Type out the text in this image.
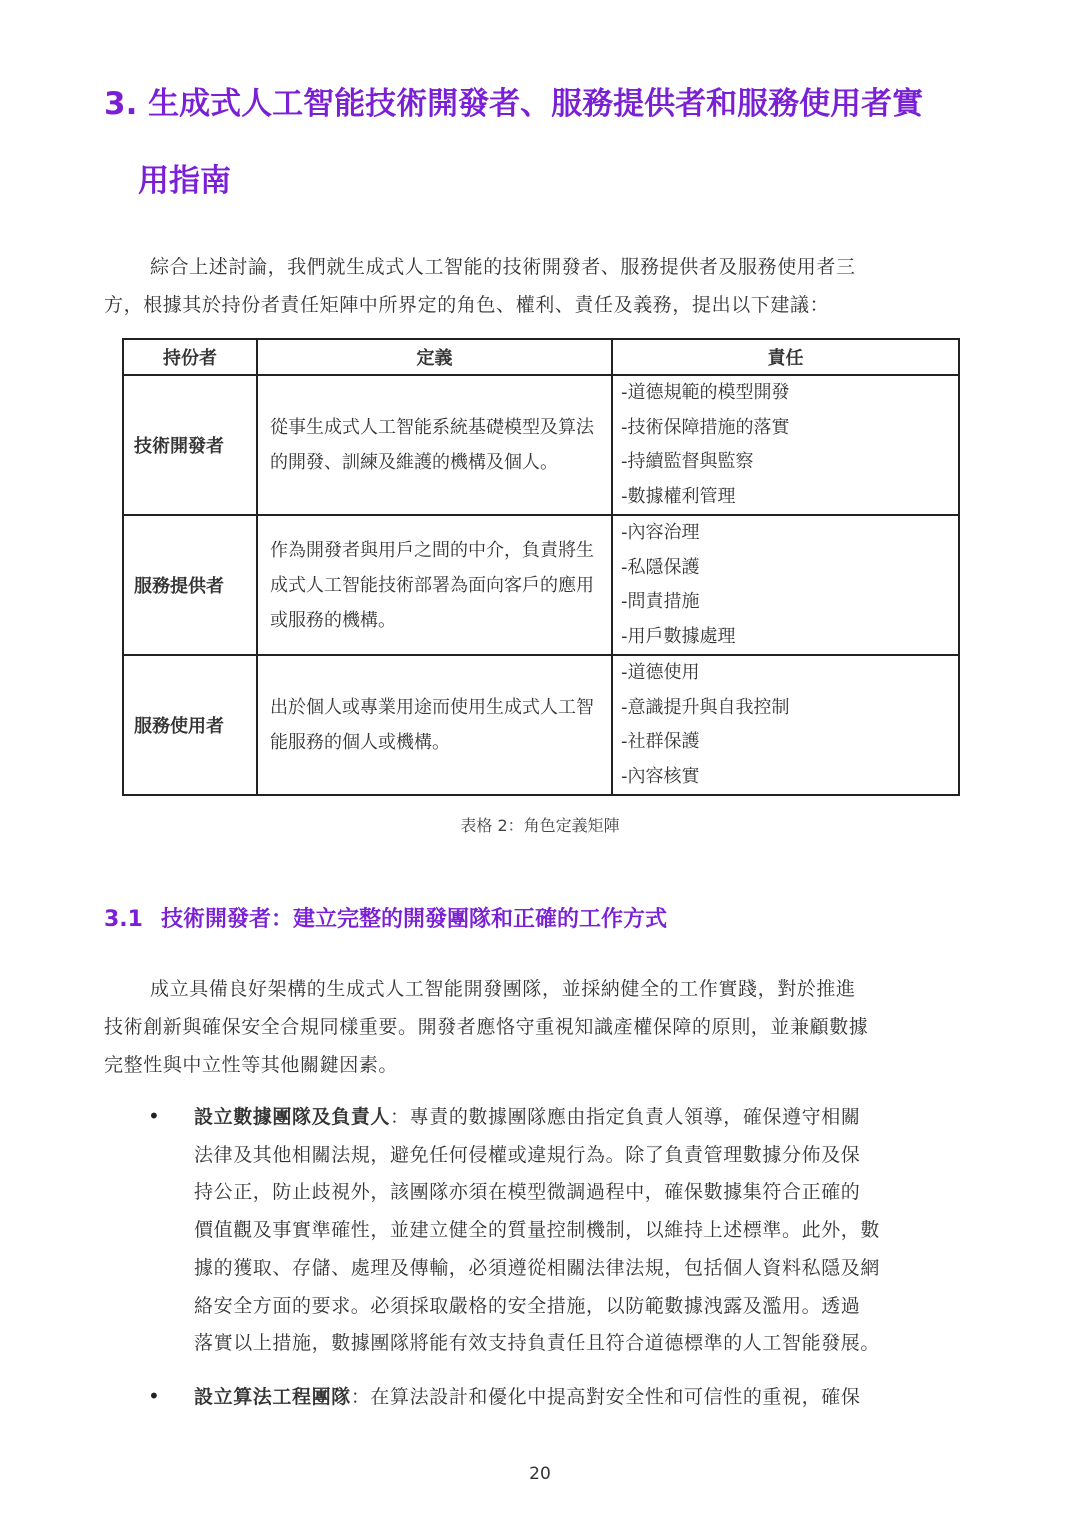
3. 生成式人工智能技術開發者、服務提供者和服務使用者實
用指南

綜合上述討論，我們就生成式人工智能的技術開發者、服務提供者及服務使用者三

方，根據其於持份者責任矩陣中所界定的角色、權利、責任及義務，提出以下建議：

持份者	定義	責任
技術開發者	從事生成式人工智能系統基礎模型及算法的開發、訓練及維護的機構及個人。	-道德規範的模型開發
-技術保障措施的落實
-持續監督與監察
-數據權利管理

服務提供者	作為開發者與用戶之間的中介，負責將生成式人工智能技術部署為面向客戶的應用或服務的機構。	-內容治理
-私隱保護
-問責措施
-用戶數據處理

服務使用者	出於個人或專業用途而使用生成式人工智能服務的個人或機構。	-道德使用
-意識提升與自我控制
-社群保護
-內容核實
表格 2：角色定義矩陣
3.1 技術開發者：建立完整的開發團隊和正確的工作方式

成立具備良好架構的生成式人工智能開發團隊，並採納健全的工作實踐，對於推進

技術創新與確保安全合規同樣重要。開發者應恪守重視知識產權保障的原則，並兼顧數據

完整性與中立性等其他關鍵因素。

• 設立數據團隊及負責人：專責的數據團隊應由指定負責人領導，確保遵守相關

法律及其他相關法規，避免任何侵權或違規行為。除了負責管理數據分佈及保

持公正，防止歧視外，該團隊亦須在模型微調過程中，確保數據集符合正確的

價值觀及事實準確性，並建立健全的質量控制機制，以維持上述標準。此外，數

據的獲取、存儲、處理及傳輸，必須遵從相關法律法規，包括個人資料私隱及網

絡安全方面的要求。必須採取嚴格的安全措施，以防範數據洩露及濫用。透過

落實以上措施，數據團隊將能有效支持負責任且符合道德標準的人工智能發展。

• 設立算法工程團隊：在算法設計和優化中提高對安全性和可信性的重視，確保

20
